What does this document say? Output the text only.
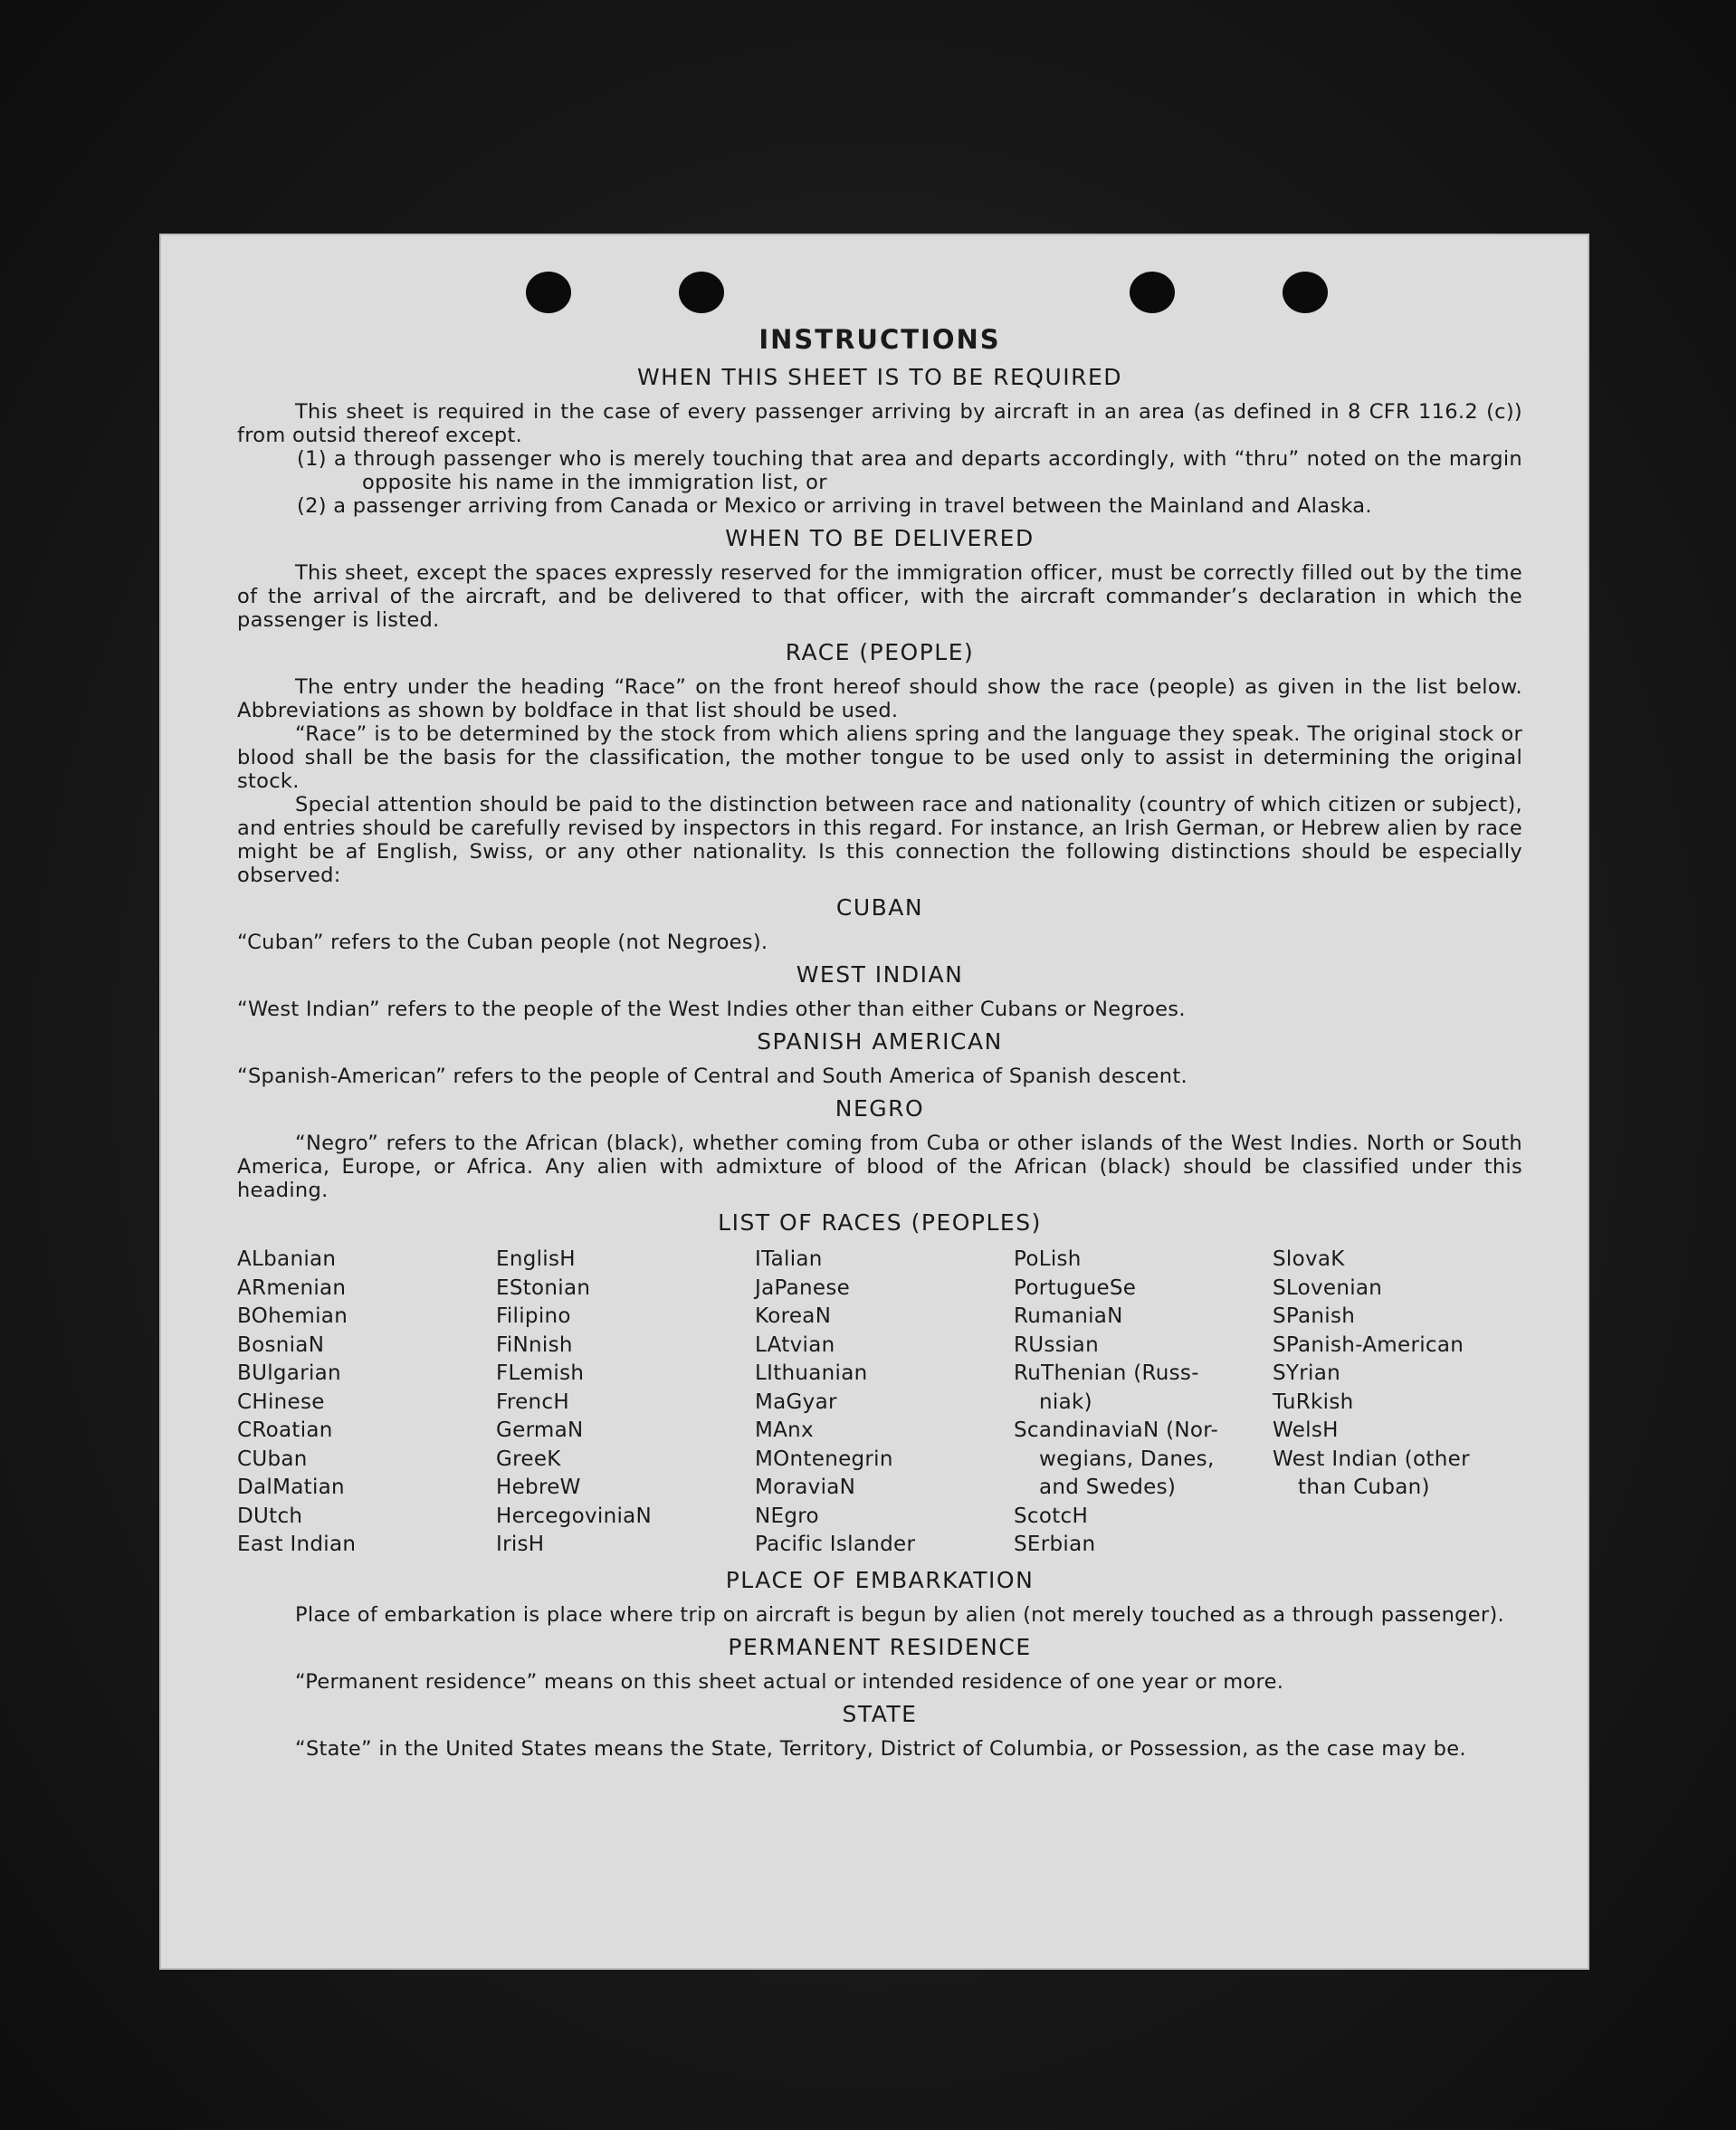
INSTRUCTIONS
WHEN THIS SHEET IS TO BE REQUIRED

This sheet is required in the case of every passenger arriving by aircraft in an area (as defined in 8 CFR 116.2 (c)) from outsid thereof except.

(1) a through passenger who is merely touching that area and departs accordingly, with “thru” noted on the margin opposite his name in the immigration list, or

(2) a passenger arriving from Canada or Mexico or arriving in travel between the Mainland and Alaska.

WHEN TO BE DELIVERED

This sheet, except the spaces expressly reserved for the immigration officer, must be correctly filled out by the time of the arrival of the aircraft, and be delivered to that officer, with the aircraft commander’s declaration in which the passenger is listed.

RACE (PEOPLE)

The entry under the heading “Race” on the front hereof should show the race (people) as given in the list below. Abbreviations as shown by boldface in that list should be used.

“Race” is to be determined by the stock from which aliens spring and the language they speak. The original stock or blood shall be the basis for the classification, the mother tongue to be used only to assist in determining the original stock.

Special attention should be paid to the distinction between race and nationality (country of which citizen or subject), and entries should be carefully revised by inspectors in this regard. For instance, an Irish German, or Hebrew alien by race might be af English, Swiss, or any other nationality. Is this connection the following distinctions should be especially observed:

CUBAN

“Cuban” refers to the Cuban people (not Negroes).

WEST INDIAN

“West Indian” refers to the people of the West Indies other than either Cubans or Negroes.

SPANISH AMERICAN

“Spanish-American” refers to the people of Central and South America of Spanish descent.

NEGRO

“Negro” refers to the African (black), whether coming from Cuba or other islands of the West Indies. North or South America, Europe, or Africa. Any alien with admixture of blood of the African (black) should be classified under this heading.

LIST OF RACES (PEOPLES)
ALbanian
ARmenian
BOhemian
BosniaN
BUlgarian
CHinese
CRoatian
CUban
DalMatian
DUtch
East Indian
EnglisH
EStonian
Filipino
FiNnish
FLemish
FrencH
GermaN
GreeK
HebreW
HercegoviniaN
IrisH
ITalian
JaPanese
KoreaN
LAtvian
LIthuanian
MaGyar
MAnx
MOntenegrin
MoraviaN
NEgro
Pacific Islander
PoLish
PortugueSe
RumaniaN
RUssian
RuThenian (Russ-
niak)
ScandinaviaN (Nor-
wegians, Danes,
and Swedes)
ScotcH
SErbian
SlovaK
SLovenian
SPanish
SPanish-American
SYrian
TuRkish
WelsH
West Indian (other
than Cuban)
PLACE OF EMBARKATION

Place of embarkation is place where trip on aircraft is begun by alien (not merely touched as a through passenger).

PERMANENT RESIDENCE

“Permanent residence” means on this sheet actual or intended residence of one year or more.

STATE

“State” in the United States means the State, Territory, District of Columbia, or Possession, as the case may be.
